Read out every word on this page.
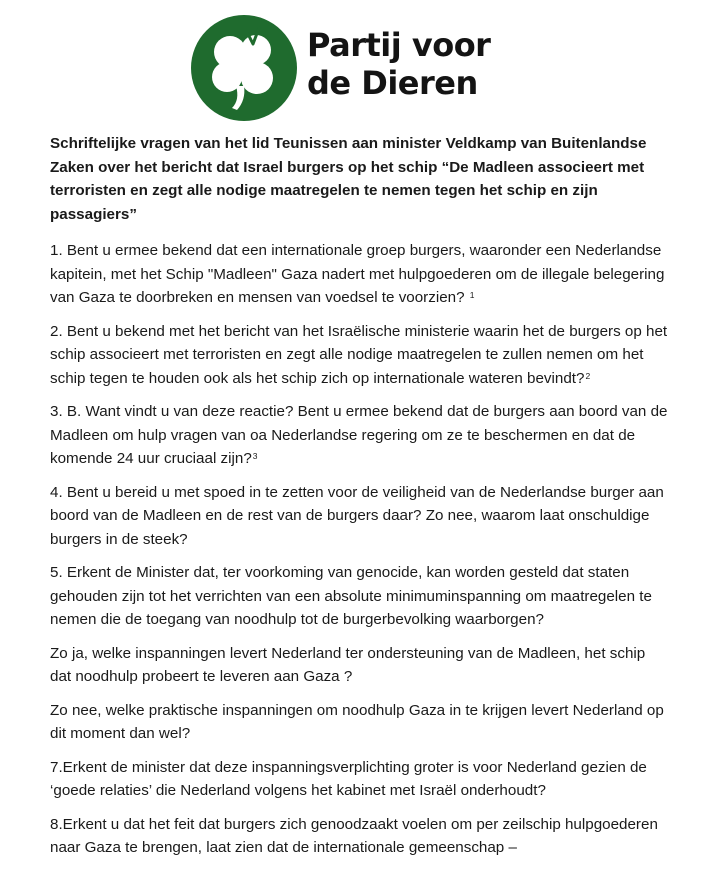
Partij voor
de Dieren
Schriftelijke vragen van het lid Teunissen aan minister Veldkamp van Buitenlandse Zaken over het bericht dat Israel burgers op het schip “De Madleen associeert met terroristen en zegt alle nodige maatregelen te nemen tegen het schip en zijn passagiers”

1. Bent u ermee bekend dat een internationale groep burgers, waaronder een Nederlandse kapitein, met het Schip "Madleen" Gaza nadert met hulpgoederen om de illegale belegering van Gaza te doorbreken en mensen van voedsel te voorzien? $^1$

2. Bent u bekend met het bericht van het Israëlische ministerie waarin het de burgers op het schip associeert met terroristen en zegt alle nodige maatregelen te zullen nemen om het schip tegen te houden ook als het schip zich op internationale wateren bevindt?$^2$

3. B. Want vindt u van deze reactie? Bent u ermee bekend dat de burgers aan boord van de Madleen om hulp vragen van oa Nederlandse regering om ze te beschermen en dat de komende 24 uur cruciaal zijn?$^3$

4. Bent u bereid u met spoed in te zetten voor de veiligheid van de Nederlandse burger aan boord van de Madleen en de rest van de burgers daar? Zo nee, waarom laat onschuldige burgers in de steek?

5. Erkent de Minister dat, ter voorkoming van genocide, kan worden gesteld dat staten gehouden zijn tot het verrichten van een absolute minimuminspanning om maatregelen te nemen die de toegang van noodhulp tot de burgerbevolking waarborgen?

Zo ja, welke inspanningen levert Nederland ter ondersteuning van de Madleen, het schip dat noodhulp probeert te leveren aan Gaza ?

Zo nee, welke praktische inspanningen om noodhulp Gaza in te krijgen levert Nederland op dit moment dan wel?

7.Erkent de minister dat deze inspanningsverplichting groter is voor Nederland gezien de ‘goede relaties’ die Nederland volgens het kabinet met Israël onderhoudt?

8.Erkent u dat het feit dat burgers zich genoodzaakt voelen om per zeilschip hulpgoederen naar Gaza te brengen, laat zien dat de internationale gemeenschap –
